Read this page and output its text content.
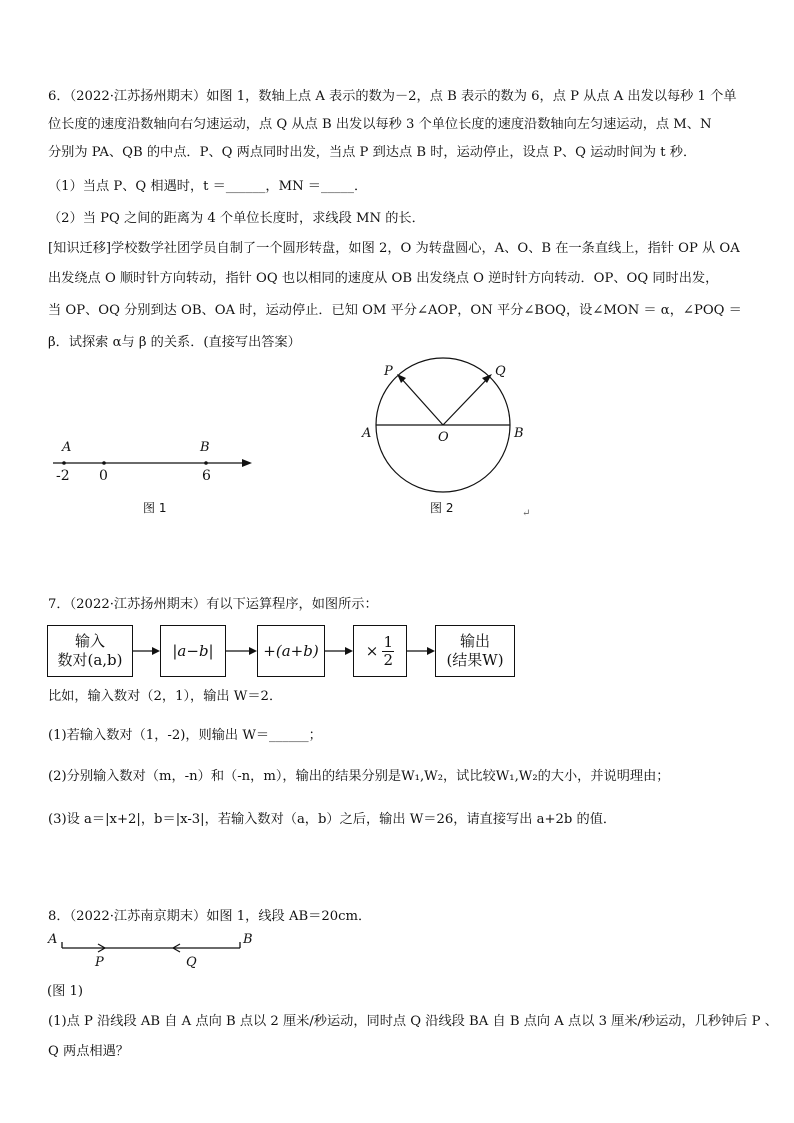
6．（2022·江苏扬州期末）如图 1，数轴上点 A 表示的数为－2，点 B 表示的数为 6，点 P 从点 A 出发以每秒 1 个单
位长度的速度沿数轴向右匀速运动，点 Q 从点 B 出发以每秒 3 个单位长度的速度沿数轴向左匀速运动，点 M、N
分别为 PA、QB 的中点．P、Q 两点同时出发，当点 P 到达点 B 时，运动停止，设点 P、Q 运动时间为 t 秒．
（1）当点 P、Q 相遇时，t ＝______，MN ＝_____．
（2）当 PQ 之间的距离为 4 个单位长度时，求线段 MN 的长．
[知识迁移]学校数学社团学员自制了一个圆形转盘，如图 2，O 为转盘圆心，A、O、B 在一条直线上，指针 OP 从 OA
出发绕点 O 顺时针方向转动，指针 OQ 也以相同的速度从 OB 出发绕点 O 逆时针方向转动．OP、OQ 同时出发，
当 OP、OQ 分别到达 OB、OA 时，运动停止．已知 OM 平分∠AOP，ON 平分∠BOQ，设∠MON ＝ α，∠POQ ＝
β．试探索 α与 β 的关系．(直接写出答案）
A	B
-2 0	6
图 1
P	Q
A	O	B
图 2	↵
7．（2022·江苏扬州期末）有以下运算程序，如图所示：
输入
数对(a,b)
|a−b|	+(a+b)	× 1
2
输出
(结果W)
比如，输入数对（2，1），输出 W＝2．
(1)若输入数对（1，-2)，则输出 W＝______；
(2)分别输入数对（m，-n）和（-n，m），输出的结果分别是W₁,W₂，试比较W₁,W₂的大小，并说明理由；
(3)设 a＝|x+2|，b＝|x-3|，若输入数对（a，b）之后，输出 W＝26，请直接写出 a+2b 的值．
8．（2022·江苏南京期末）如图 1，线段 AB＝20cm．
A	B
P	Q
(图 1)
(1)点 P 沿线段 AB 自 A 点向 B 点以 2 厘米/秒运动，同时点 Q 沿线段 BA 自 B 点向 A 点以 3 厘米/秒运动，几秒钟后 P 、
Q 两点相遇？
